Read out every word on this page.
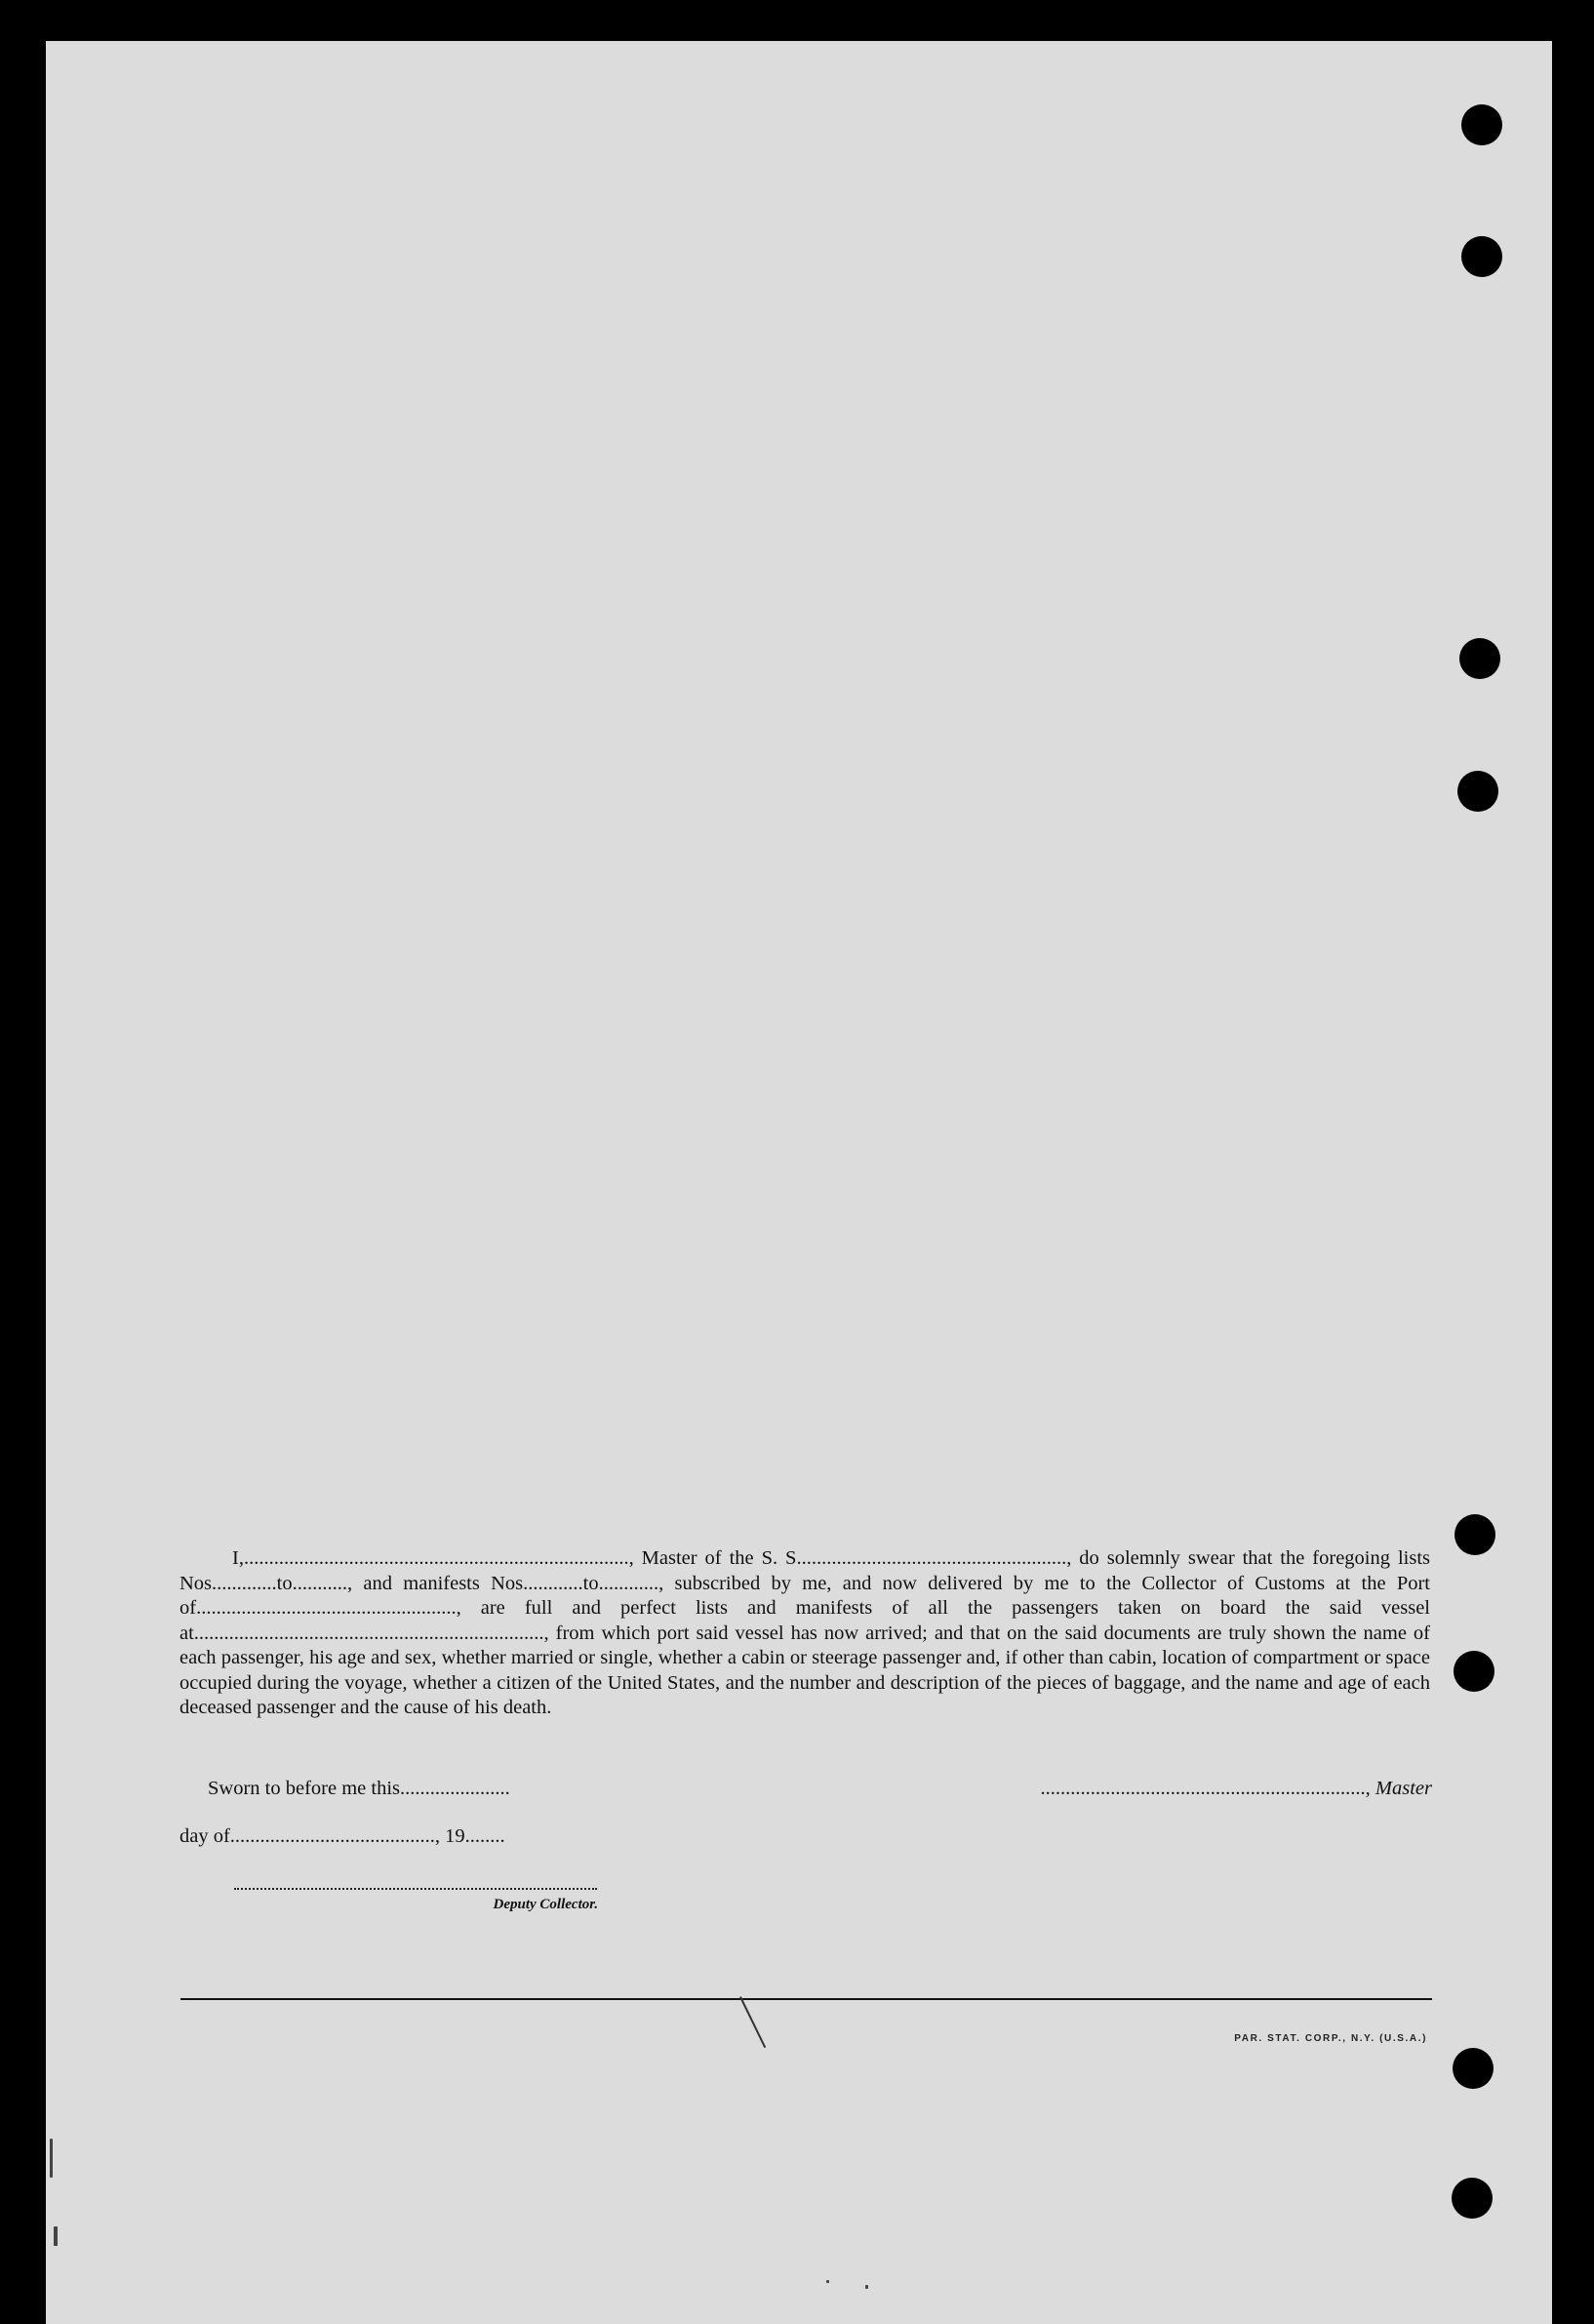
I,............................................................................., Master of the S. S......................................................, do solemnly swear that the foregoing lists Nos.............to..........., and manifests Nos............to............, subscribed by me, and now delivered by me to the Collector of Customs at the Port of...................................................., are full and perfect lists and manifests of all the passengers taken on board the said vessel at......................................................................, from which port said vessel has now arrived; and that on the said documents are truly shown the name of each passenger, his age and sex, whether married or single, whether a cabin or steerage passenger and, if other than cabin, location of compartment or space occupied during the voyage, whether a citizen of the United States, and the number and description of the pieces of baggage, and the name and age of each deceased passenger and the cause of his death.

Sworn to before me this......................	................................................................., Master
day of........................................., 19........
Deputy Collector.
PAR. STAT. CORP., N.Y. (U.S.A.)
